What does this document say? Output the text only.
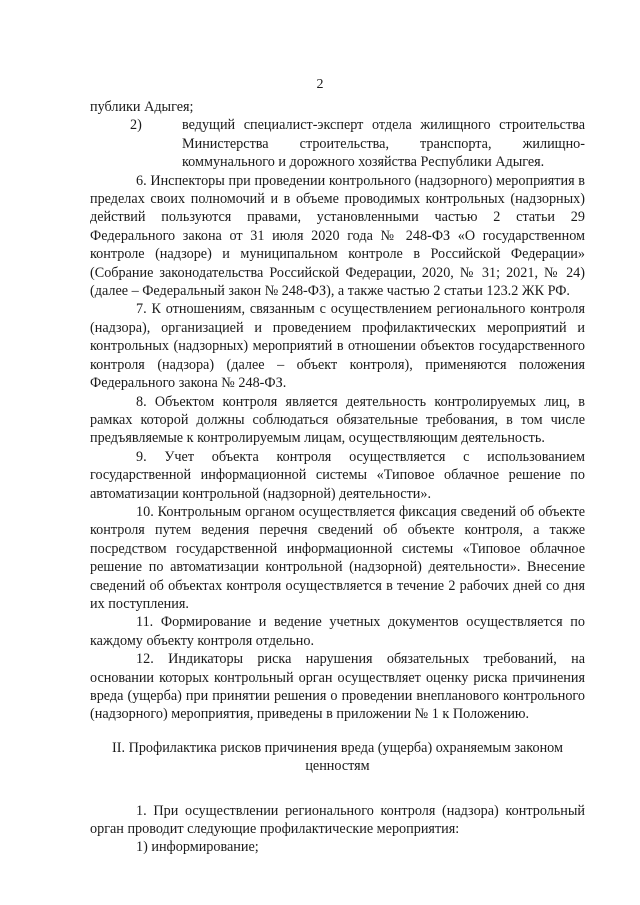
2

публики Адыгея;

2)	ведущий специалист-эксперт отдела жилищного строительства Министерства строительства, транспорта, жилищно-коммунального и дорожного хозяйства Республики Адыгея.

6. Инспекторы при проведении контрольного (надзорного) мероприятия в пределах своих полномочий и в объеме проводимых контрольных (надзорных) действий пользуются правами, установленными частью 2 статьи 29 Федерального закона от 31 июля 2020 года № 248-ФЗ «О государственном контроле (надзоре) и муниципальном контроле в Российской Федерации» (Собрание законодательства Российской Федерации, 2020, № 31; 2021, № 24) (далее – Федеральный закон № 248-ФЗ), а также частью 2 статьи 123.2 ЖК РФ.

7. К отношениям, связанным с осуществлением регионального контроля (надзора), организацией и проведением профилактических мероприятий и контрольных (надзорных) мероприятий в отношении объектов государственного контроля (надзора) (далее – объект контроля), применяются положения Федерального закона № 248-ФЗ.

8. Объектом контроля является деятельность контролируемых лиц, в рамках которой должны соблюдаться обязательные требования, в том числе предъявляемые к контролируемым лицам, осуществляющим деятельность.

9. Учет объекта контроля осуществляется с использованием государственной информационной системы «Типовое облачное решение по автоматизации контрольной (надзорной) деятельности».

10. Контрольным органом осуществляется фиксация сведений об объекте контроля путем ведения перечня сведений об объекте контроля, а также посредством государственной информационной системы «Типовое облачное решение по автоматизации контрольной (надзорной) деятельности». Внесение сведений об объектах контроля осуществляется в течение 2 рабочих дней со дня их поступления.

11. Формирование и ведение учетных документов осуществляется по каждому объекту контроля отдельно.

12. Индикаторы риска нарушения обязательных требований, на основании которых контрольный орган осуществляет оценку риска причинения вреда (ущерба) при принятии решения о проведении внепланового контрольного (надзорного) мероприятия, приведены в приложении № 1 к Положению.

II. Профилактика рисков причинения вреда (ущерба) охраняемым законом ценностям

1. При осуществлении регионального контроля (надзора) контрольный орган проводит следующие профилактические мероприятия:

1) информирование;
